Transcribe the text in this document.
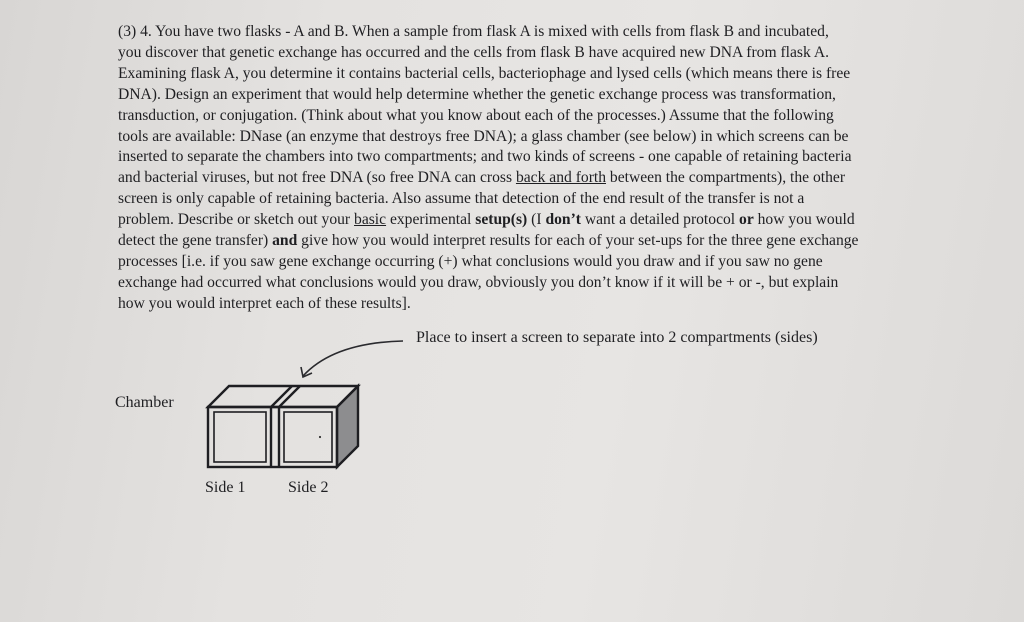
(3) 4. You have two flasks - A and B. When a sample from flask A is mixed with cells from flask B and incubated,

you discover that genetic exchange has occurred and the cells from flask B have acquired new DNA from flask A.

Examining flask A, you determine it contains bacterial cells, bacteriophage and lysed cells (which means there is free

DNA). Design an experiment that would help determine whether the genetic exchange process was transformation,

transduction, or conjugation. (Think about what you know about each of the processes.) Assume that the following

tools are available: DNase (an enzyme that destroys free DNA); a glass chamber (see below) in which screens can be

inserted to separate the chambers into two compartments; and two kinds of screens - one capable of retaining bacteria

and bacterial viruses, but not free DNA (so free DNA can cross back and forth between the compartments), the other

screen is only capable of retaining bacteria. Also assume that detection of the end result of the transfer is not a

problem. Describe or sketch out your basic experimental setup(s) (I don’t want a detailed protocol or how you would

detect the gene transfer) and give how you would interpret results for each of your set-ups for the three gene exchange

processes [i.e. if you saw gene exchange occurring (+) what conclusions would you draw and if you saw no gene

exchange had occurred what conclusions would you draw, obviously you don’t know if it will be + or -, but explain

how you would interpret each of these results].

Place to insert a screen to separate into 2 compartments (sides)
Chamber
Side 1	Side 2
